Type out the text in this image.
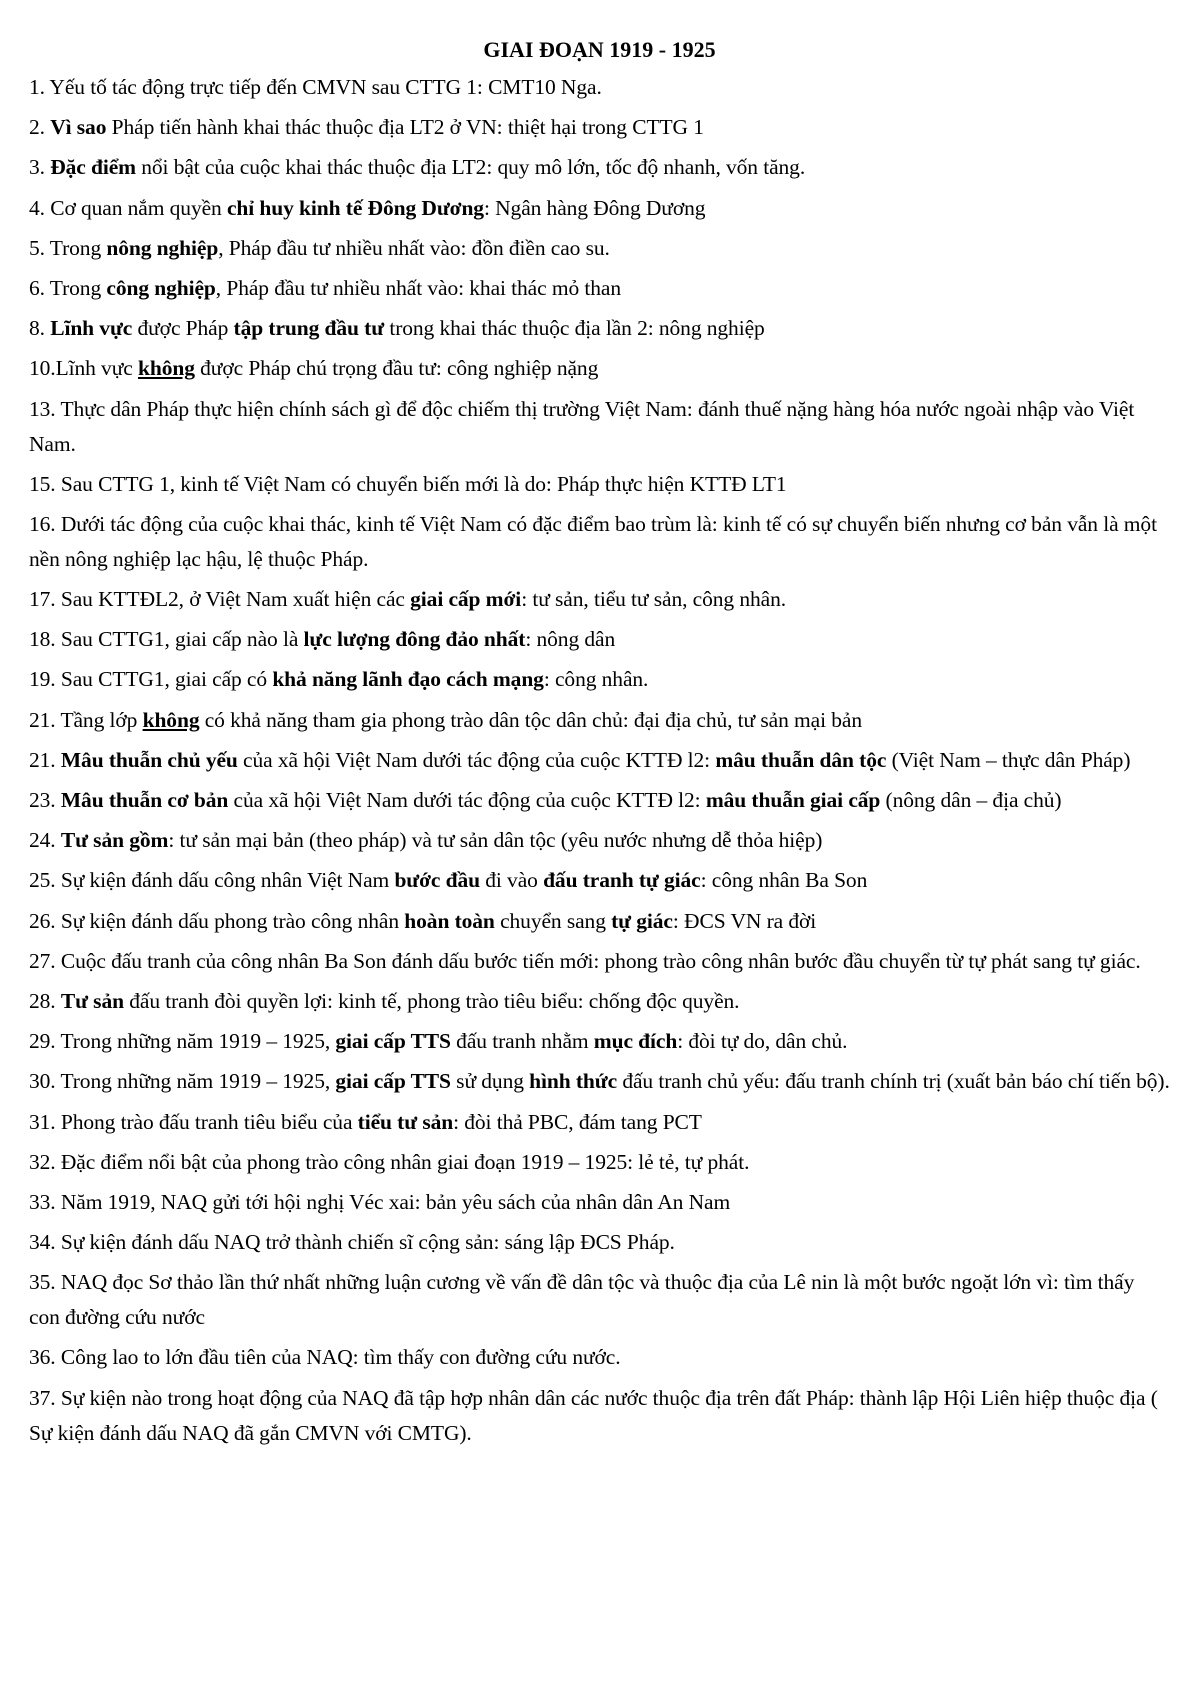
GIAI ĐOẠN 1919 - 1925
1. Yếu tố tác động trực tiếp đến CMVN sau CTTG 1: CMT10 Nga.
2. Vì sao Pháp tiến hành khai thác thuộc địa LT2 ở VN: thiệt hại trong CTTG 1
3. Đặc điểm nổi bật của cuộc khai thác thuộc địa LT2: quy mô lớn, tốc độ nhanh, vốn tăng.
4. Cơ quan nắm quyền chỉ huy kinh tế Đông Dương: Ngân hàng Đông Dương
5. Trong nông nghiệp, Pháp đầu tư nhiều nhất vào: đồn điền cao su.
6. Trong công nghiệp, Pháp đầu tư nhiều nhất vào: khai thác mỏ than
8. Lĩnh vực được Pháp tập trung đầu tư trong khai thác thuộc địa lần 2: nông nghiệp
10.Lĩnh vực không được Pháp chú trọng đầu tư: công nghiệp nặng
13. Thực dân Pháp thực hiện chính sách gì để độc chiếm thị trường Việt Nam: đánh thuế nặng hàng hóa nước ngoài nhập vào Việt Nam.
15. Sau CTTG 1, kinh tế Việt Nam có chuyển biến mới là do: Pháp thực hiện KTTĐ LT1
16. Dưới tác động của cuộc khai thác, kinh tế Việt Nam có đặc điểm bao trùm là: kinh tế có sự chuyển biến nhưng cơ bản vẫn là một nền nông nghiệp lạc hậu, lệ thuộc Pháp.
17. Sau KTTĐL2, ở Việt Nam xuất hiện các giai cấp mới: tư sản, tiểu tư sản, công nhân.
18. Sau CTTG1, giai cấp nào là lực lượng đông đảo nhất: nông dân
19. Sau CTTG1, giai cấp có khả năng lãnh đạo cách mạng: công nhân.
21. Tầng lớp không có khả năng tham gia phong trào dân tộc dân chủ: đại địa chủ, tư sản mại bản
21. Mâu thuẫn chủ yếu của xã hội Việt Nam dưới tác động của cuộc KTTĐ l2: mâu thuẫn dân tộc (Việt Nam – thực dân Pháp)
23. Mâu thuẫn cơ bản của xã hội Việt Nam dưới tác động của cuộc KTTĐ l2: mâu thuẫn giai cấp (nông dân – địa chủ)
24. Tư sản gồm: tư sản mại bản (theo pháp) và tư sản dân tộc (yêu nước nhưng dễ thỏa hiệp)
25. Sự kiện đánh dấu công nhân Việt Nam bước đầu đi vào đấu tranh tự giác: công nhân Ba Son
26. Sự kiện đánh dấu phong trào công nhân hoàn toàn chuyển sang tự giác: ĐCS VN ra đời
27. Cuộc đấu tranh của công nhân Ba Son đánh dấu bước tiến mới: phong trào công nhân bước đầu chuyển từ tự phát sang tự giác.
28. Tư sản đấu tranh đòi quyền lợi: kinh tế, phong trào tiêu biểu: chống độc quyền.
29. Trong những năm 1919 – 1925, giai cấp TTS đấu tranh nhằm mục đích: đòi tự do, dân chủ.
30. Trong những năm 1919 – 1925, giai cấp TTS sử dụng hình thức đấu tranh chủ yếu: đấu tranh chính trị (xuất bản báo chí tiến bộ).
31. Phong trào đấu tranh tiêu biểu của tiểu tư sản: đòi thả PBC, đám tang PCT
32. Đặc điểm nổi bật của phong trào công nhân giai đoạn 1919 – 1925: lẻ tẻ, tự phát.
33. Năm 1919, NAQ gửi tới hội nghị Véc xai: bản yêu sách của nhân dân An Nam
34. Sự kiện đánh dấu NAQ trở thành chiến sĩ cộng sản: sáng lập ĐCS Pháp.
35. NAQ đọc Sơ thảo lần thứ nhất những luận cương về vấn đề dân tộc và thuộc địa của Lê nin là một bước ngoặt lớn vì: tìm thấy con đường cứu nước
36. Công lao to lớn đầu tiên của NAQ: tìm thấy con đường cứu nước.
37. Sự kiện nào trong hoạt động của NAQ đã tập hợp nhân dân các nước thuộc địa trên đất Pháp: thành lập Hội Liên hiệp thuộc địa ( Sự kiện đánh dấu NAQ đã gắn CMVN với CMTG).
